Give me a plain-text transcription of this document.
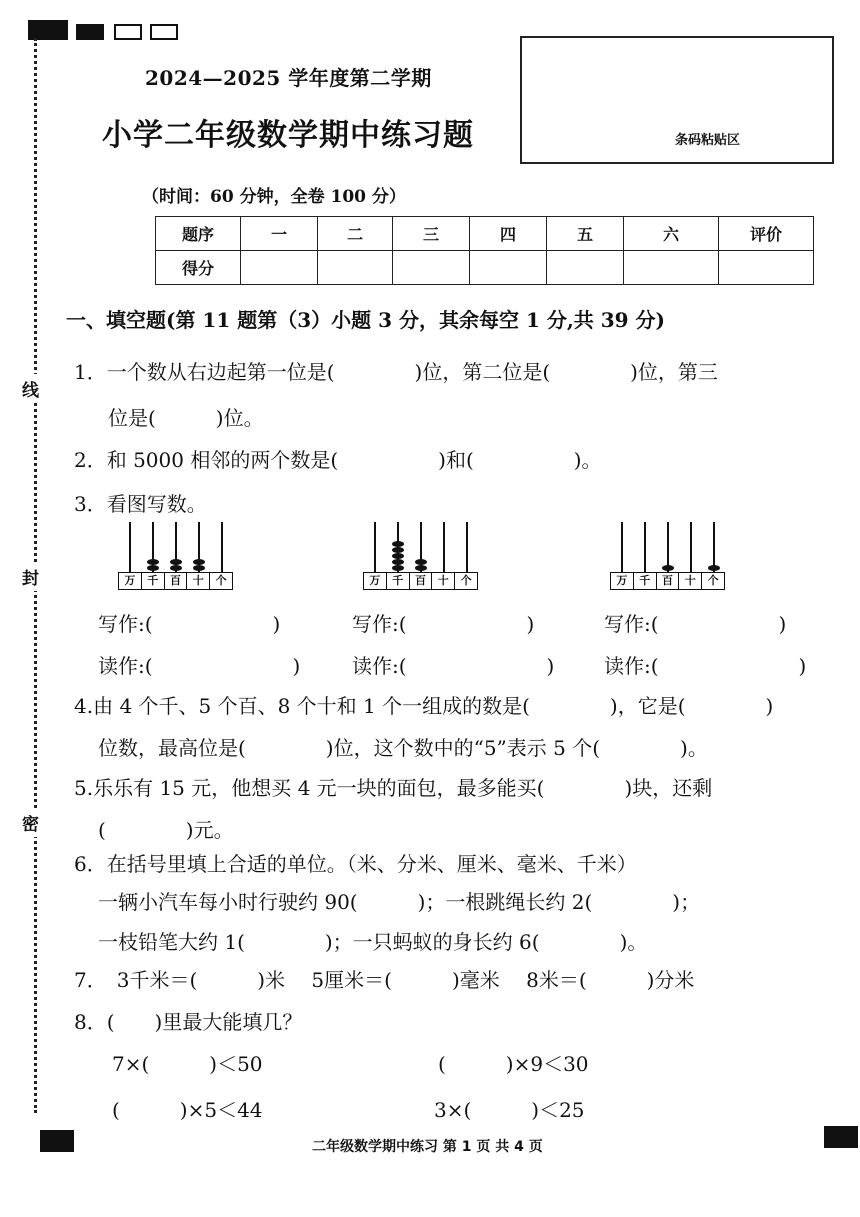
线
封
密
2024—2025 学年度第二学期
小学二年级数学期中练习题	条码粘贴区
（时间：60 分钟，全卷 100 分）
题序	一	二	三	四	五	六	评价
得分							
一、填空题(第 11 题第（3）小题 3 分，其余每空 1 分,共 39 分)
1．一个数从右边起第一位是(　　　　)位，第二位是(　　　　)位，第三
位是(　　　)位。
2．和 5000 相邻的两个数是(　　　　　)和(　　　　　)。
3．看图写数。
万	千	百	十	个	万	千	百	十	个	万	千	百	十	个
写作:(　　　　　　)	写作:(　　　　　　)	写作:(　　　　　　)
读作:(　　　　　　　)	读作:(　　　　　　　) 读作:(　　　　　　　)
4.由 4 个千、5 个百、8 个十和 1 个一组成的数是(　　　　)，它是(　　　　)
位数，最高位是(　　　　)位，这个数中的“5”表示 5 个(　　　　)。
5.乐乐有 15 元，他想买 4 元一块的面包，最多能买(　　　　)块，还剩
(　　　　)元。
6．在括号里填上合适的单位。（米、分米、厘米、毫米、千米）
一辆小汽车每小时行驶约 90(　　　)；一根跳绳长约 2(　　　　)；
一枝铅笔大约 1(　　　　)；一只蚂蚁的身长约 6(　　　　)。
7．　3千米＝(　　　)米　 5厘米＝(　　　)毫米　 8米＝(　　　)分米
8．(　　)里最大能填几？
7×(　　　)＜50	(　　　)×9＜30
(　　　)×5＜44	3×(　　　)＜25
二年级数学期中练习 第 1 页 共 4 页
